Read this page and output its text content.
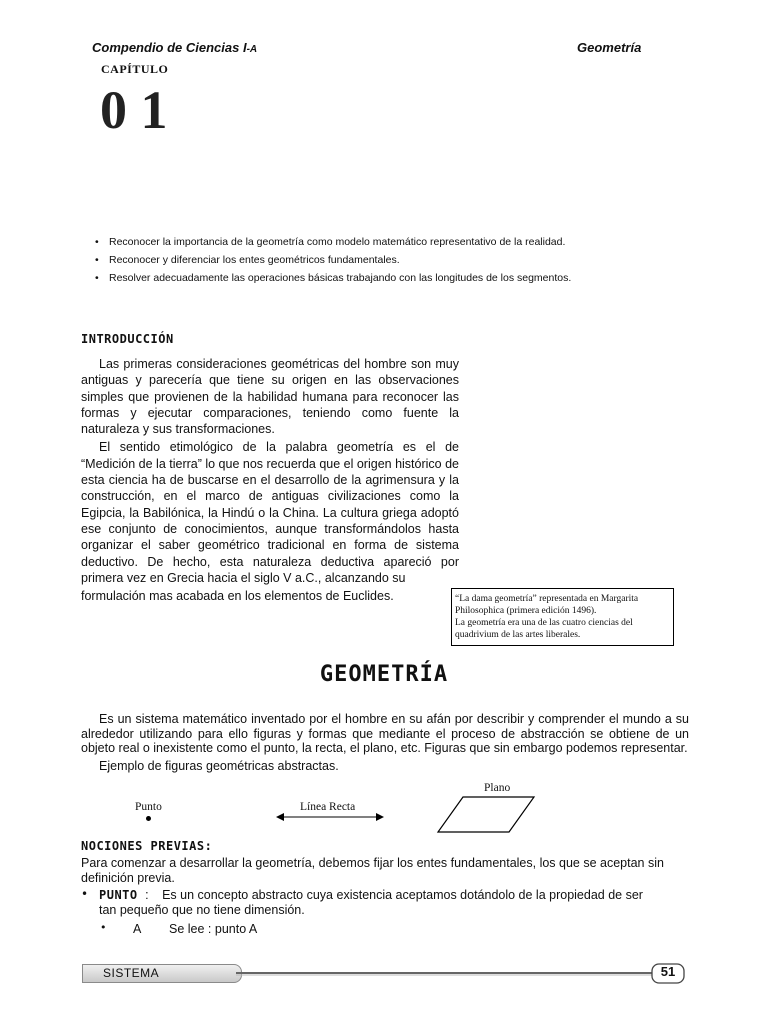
Compendio de Ciencias I-A	Geometría
CAPÍTULO
0 1
• Reconocer la importancia de la geometría como modelo matemático representativo de la realidad.
• Reconocer y diferenciar los entes geométricos fundamentales.
• Resolver adecuadamente las operaciones básicas trabajando con las longitudes de los segmentos.
INTRODUCCIÓN

Las primeras consideraciones geométricas del hombre son muy antiguas y parecería que tiene su origen en las observaciones simples que provienen de la habilidad humana para reconocer las formas y ejecutar comparaciones, teniendo como fuente la naturaleza y sus transformaciones.

El sentido etimológico de la palabra geometría es el de “Medición de la tierra” lo que nos recuerda que el origen histórico de esta ciencia ha de buscarse en el desarrollo de la agrimensura y la construcción, en el marco de antiguas civilizaciones como la Egipcia, la Babilónica, la Hindú o la China. La cultura griega adoptó ese conjunto de conocimientos, aunque transformándolos hasta organizar el saber geométrico tradicional en forma de sistema deductivo. De hecho, esta naturaleza deductiva apareció por primera vez en Grecia hacia el siglo V a.C., alcanzando su

formulación mas acabada en los elementos de Euclides.	“La dama geometría” representada en Margarita Philosophica (primera edición 1496).
La geometría era una de las cuatro ciencias del quadrivium de las artes liberales.
GEOMETRÍA
Es un sistema matemático inventado por el hombre en su afán por describir y comprender el mundo a su alrededor utilizando para ello figuras y formas que mediante el proceso de abstracción se obtiene de un objeto real o inexistente como el punto, la recta, el plano, etc. Figuras que sin embargo podemos representar.
Ejemplo de figuras geométricas abstractas.
Punto	Línea Recta
Plano
NOCIONES PREVIAS:
Para comenzar a desarrollar la geometría, debemos fijar los entes fundamentales, los que se aceptan sin definición previa.
• PUNTO : Es un concepto abstracto cuya existencia aceptamos dotándolo de la propiedad de ser tan pequeño que no tiene dimensión.
• A Se lee : punto A
SISTEMA	51
